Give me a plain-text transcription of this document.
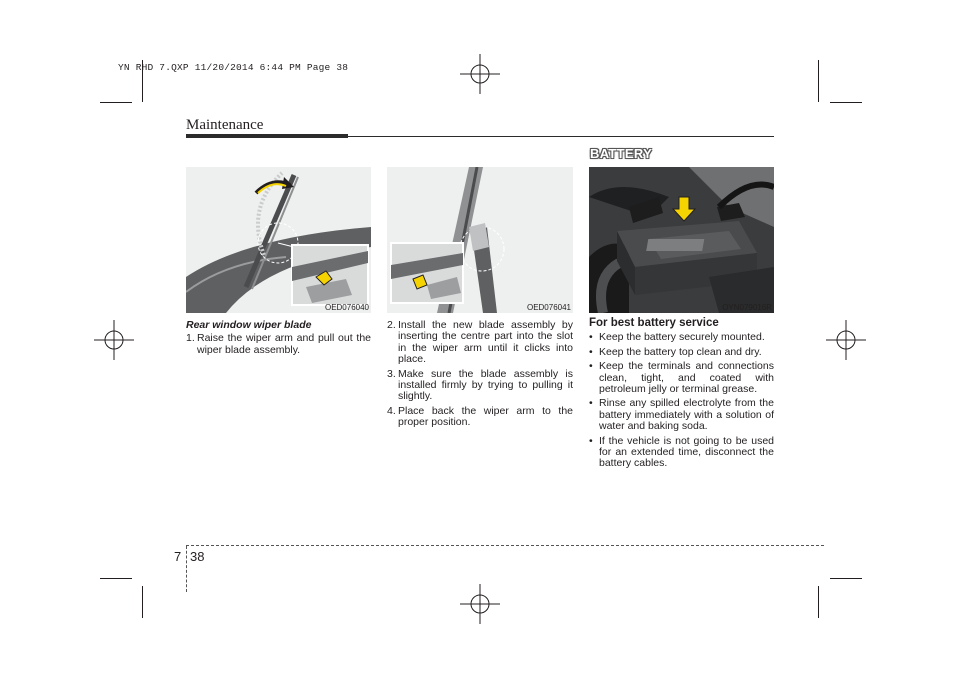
YN RHD 7.QXP 11/20/2014 6:44 PM Page 38
Maintenance
BATTERY
OED076040	OED076041	OYN079016R
Rear window wiper blade
1. Raise the wiper arm and pull out the wiper blade assembly.
2. Install the new blade assembly by inserting the centre part into the slot in the wiper arm until it clicks into place.
3. Make sure the blade assembly is installed firmly by trying to pulling it slightly.
4. Place back the wiper arm to the proper position.
For best battery service
• Keep the battery securely mounted.
• Keep the battery top clean and dry.
• Keep the terminals and connections clean, tight, and coated with petroleum jelly or terminal grease.
• Rinse any spilled electrolyte from the battery immediately with a solution of water and baking soda.
• If the vehicle is not going to be used for an extended time, disconnect the battery cables.
7 38
